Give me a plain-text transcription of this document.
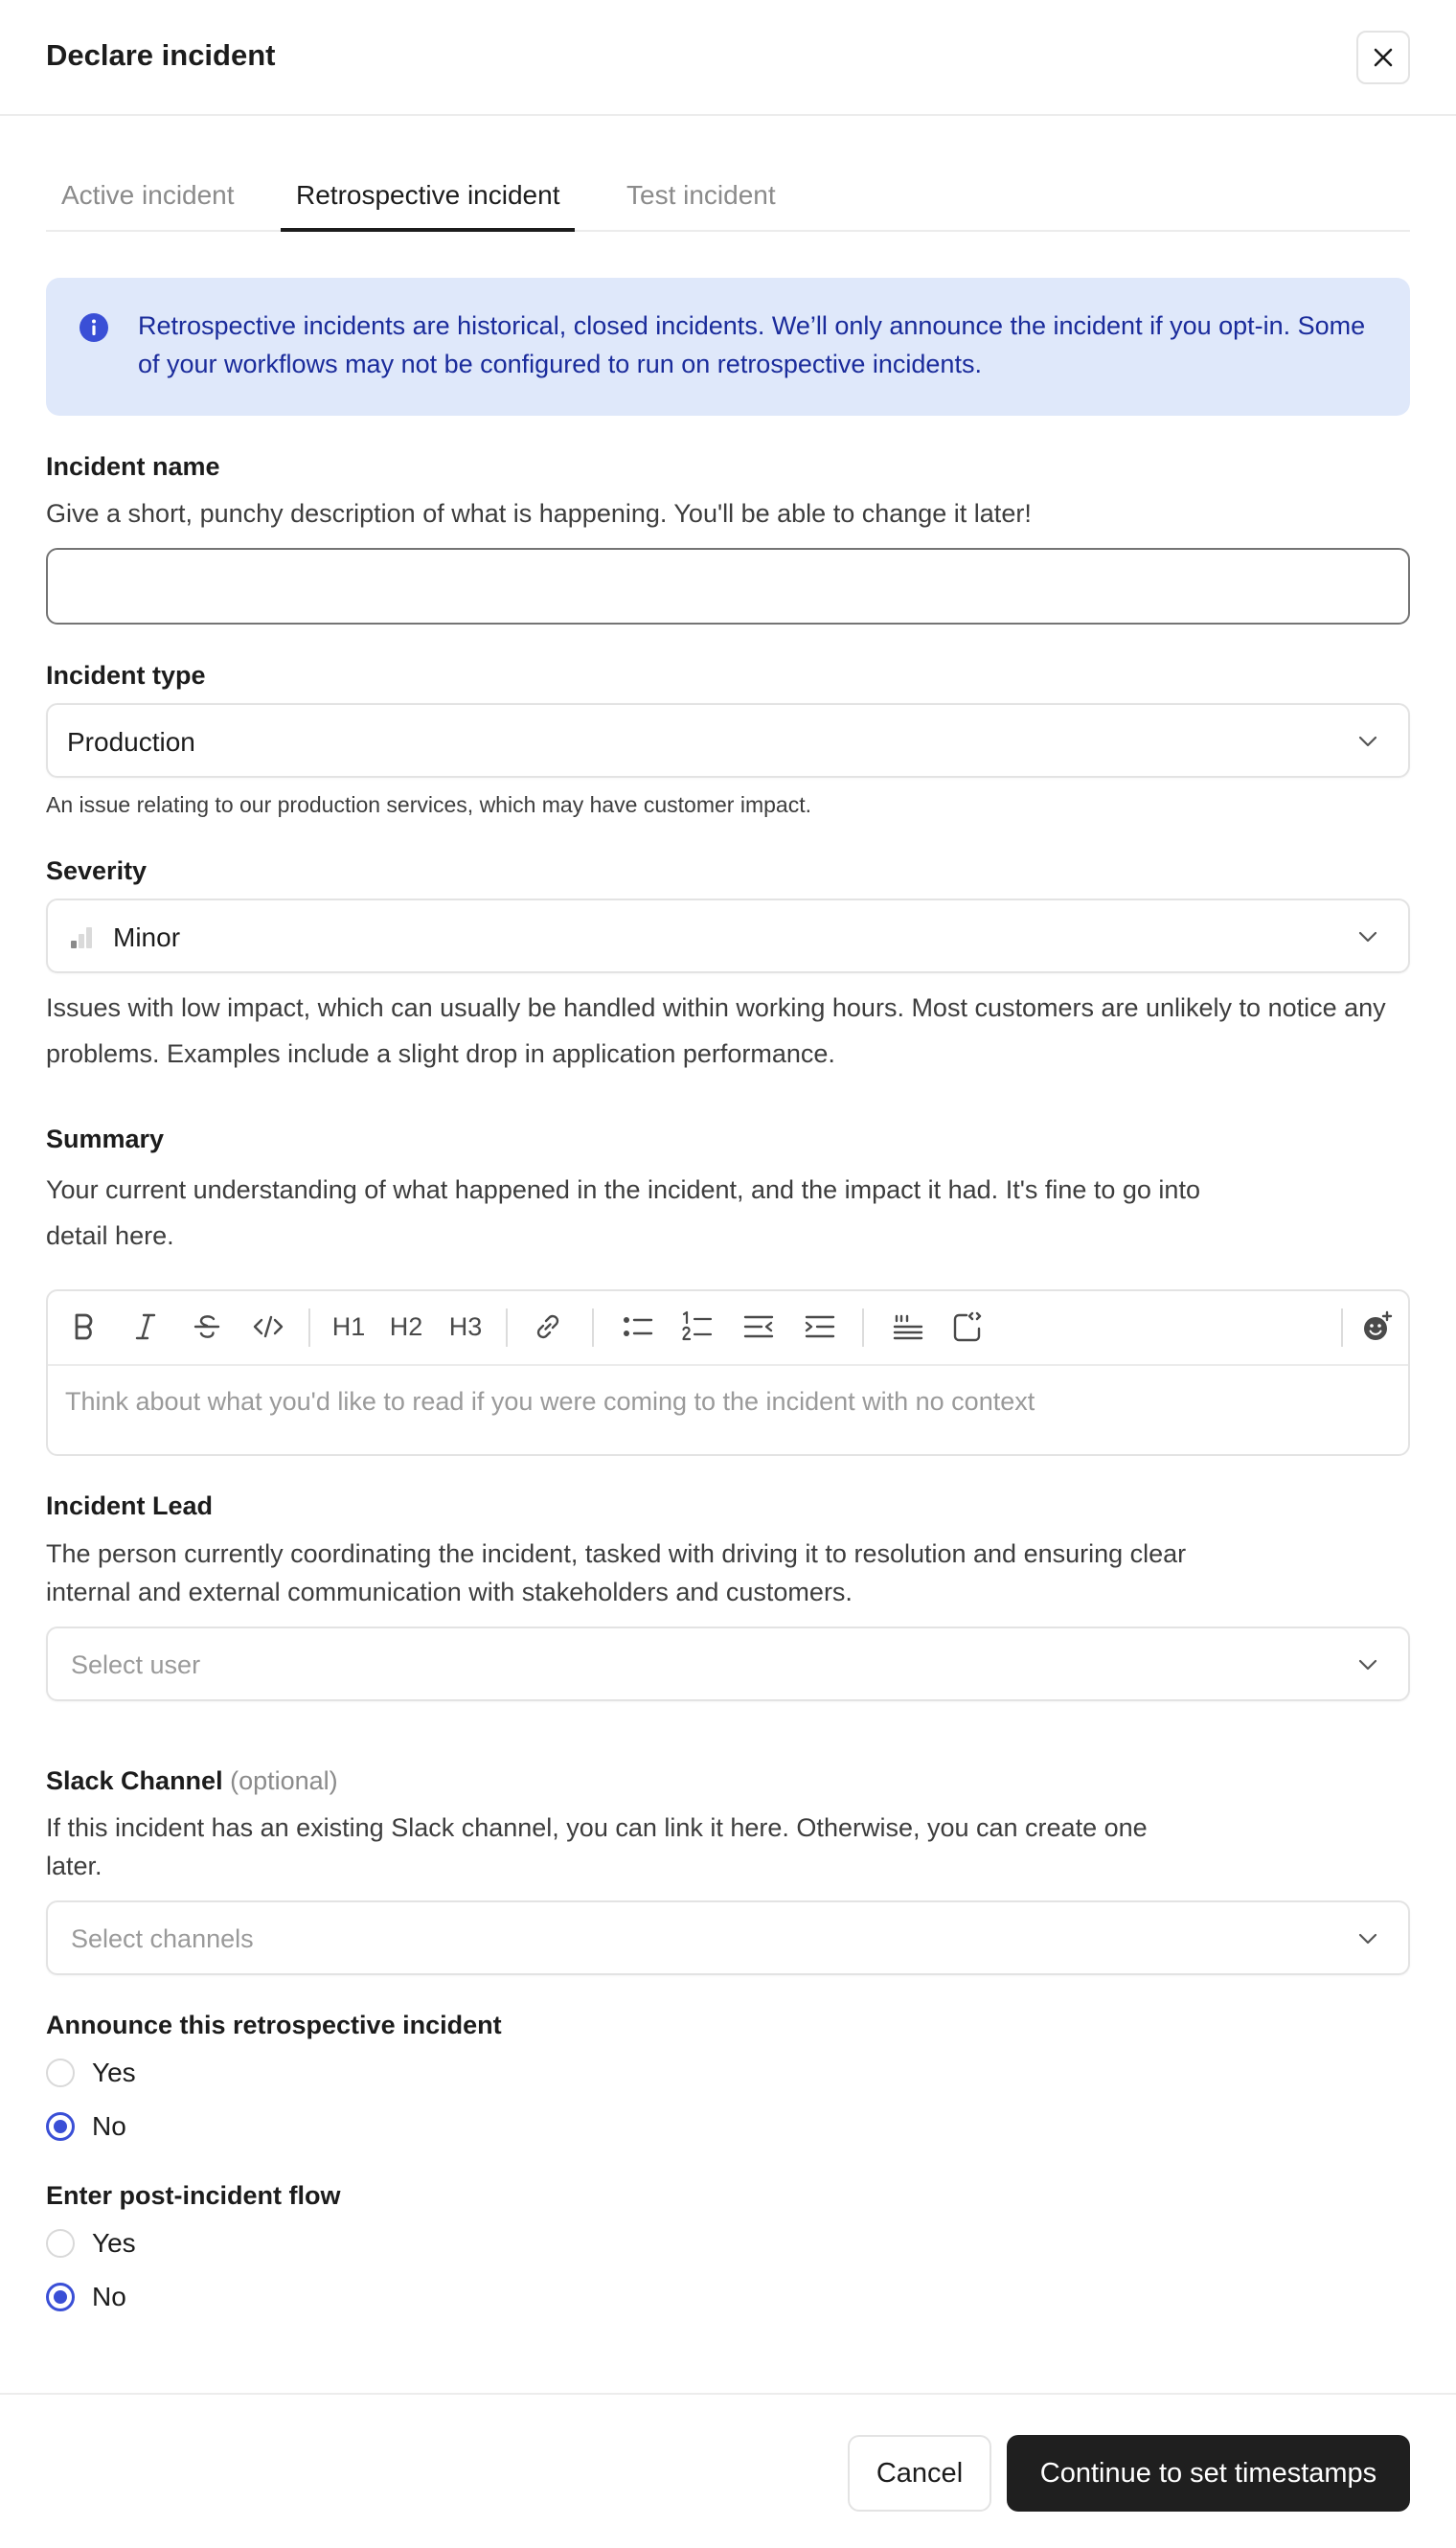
Declare incident
Active incident	Retrospective incident	Test incident
Retrospective incidents are historical, closed incidents. We’ll only announce the incident if you opt-in. Some of your workflows may not be configured to run on retrospective incidents.
Incident name
Give a short, punchy description of what is happening. You'll be able to change it later!
Incident type
Production
An issue relating to our production services, which may have customer impact.
Severity
Minor
Issues with low impact, which can usually be handled within working hours. Most customers are unlikely to notice any problems. Examples include a slight drop in application performance.
Summary
Your current understanding of what happened in the incident, and the impact it had. It's fine to go into detail here.
H1 H2 H3
Think about what you'd like to read if you were coming to the incident with no context
Incident Lead
The person currently coordinating the incident, tasked with driving it to resolution and ensuring clear internal and external communication with stakeholders and customers.
Select user
Slack Channel (optional)
If this incident has an existing Slack channel, you can link it here. Otherwise, you can create one later.
Select channels
Announce this retrospective incident
Yes
No
Enter post-incident flow
Yes
No
Cancel	Continue to set timestamps
